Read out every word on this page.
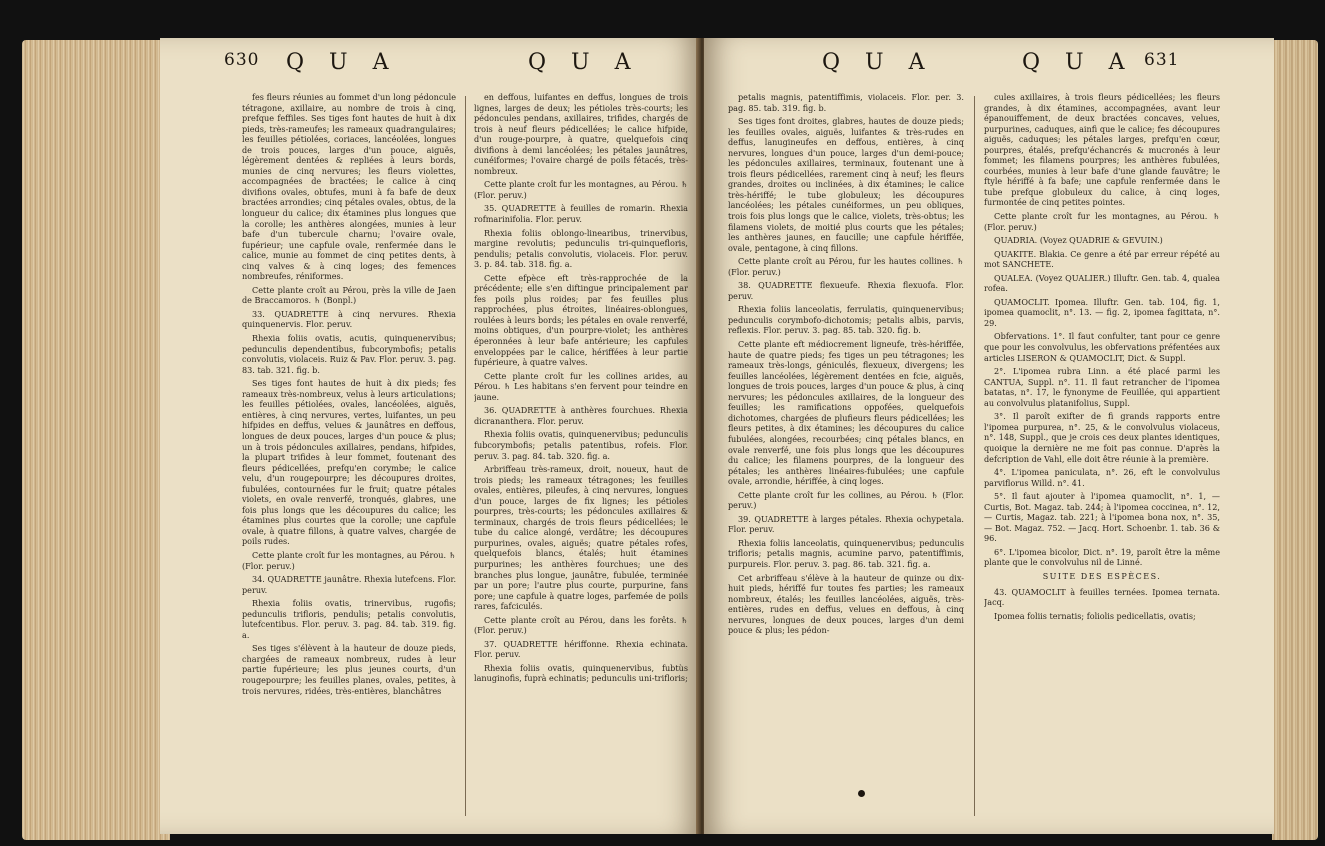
630 Q U A	Q U A

fes fleurs réunies au fommet d'un long pédoncule tétragone, axillaire, au nombre de trois à cinq, prefque feffiles. Ses tiges font hautes de huit à dix pieds, très-rameufes; les rameaux quadrangulaires; les feuilles pétiolées, coriaces, lancéolées, longues de trois pouces, larges d'un pouce, aiguës, légèrement dentées & repliées à leurs bords, munies de cinq nervures; les fleurs violettes, accompagnées de bractées; le calice à cinq divifions ovales, obtufes, muni à fa bafe de deux bractées arrondies; cinq pétales ovales, obtus, de la longueur du calice; dix étamines plus longues que la corolle; les anthères alongées, munies à leur bafe d'un tubercule charnu; l'ovaire ovale, fupérieur; une capfule ovale, renfermée dans le calice, munie au fommet de cinq petites dents, à cinq valves & à cinq loges; des femences nombreufes, réniformes.

Cette plante croît au Pérou, près la ville de Jaen de Braccamoros. ♄ (Bonpl.)

33. QUADRETTE à cinq nervures. Rhexia quinquenervis. Flor. peruv.

Rhexia foliis ovatis, acutis, quinquenervibus; pedunculis dependentibus, fubcorymbofis; petalis convolutis, violaceis. Ruiz & Pav. Flor. peruv. 3. pag. 83. tab. 321. fig. b.

Ses tiges font hautes de huit à dix pieds; fes rameaux très-nombreux, velus à leurs articulations; les feuilles pétiolées, ovales, lancéolées, aiguës, entières, à cinq nervures, vertes, luifantes, un peu hifpides en deffus, velues & jaunâtres en deffous, longues de deux pouces, larges d'un pouce & plus; un à trois pédoncules axillaires, pendans, hifpides, la plupart trifides à leur fommet, foutenant des fleurs pédicellées, prefqu'en corymbe; le calice velu, d'un rougepourpre; les découpures droites, fubulées, contournées fur le fruit; quatre pétales violets, en ovale renverfé, tronqués, glabres, une fois plus longs que les découpures du calice; les étamines plus courtes que la corolle; une capfule ovale, à quatre fillons, à quatre valves, chargée de poils rudes.

Cette plante croît fur les montagnes, au Pérou. ♄ (Flor. peruv.)

34. QUADRETTE jaunâtre. Rhexia lutefcens. Flor. peruv.

Rhexia foliis ovatis, trinervibus, rugofis; pedunculis trifloris, pendulis; petalis convolutis, lutefcentibus. Flor. peruv. 3. pag. 84. tab. 319. fig. a.

Ses tiges s'élèvent à la hauteur de douze pieds, chargées de rameaux nombreux, rudes à leur partie fupérieure; les plus jeunes courts, d'un rougepourpre; les feuilles planes, ovales, petites, à trois nervures, ridées, très-entières, blanchâtres

en deffous, luifantes en deffus, longues de trois lignes, larges de deux; les pétioles très-courts; les pédoncules pendans, axillaires, trifides, chargés de trois à neuf fleurs pédicellées; le calice hifpide, d'un rouge-pourpre, à quatre, quelquefois cinq divifions à demi lancéolées; les pétales jaunâtres, cunéiformes; l'ovaire chargé de poils fétacés, très-nombreux.

Cette plante croît fur les montagnes, au Pérou. ♄ (Flor. peruv.)

35. QUADRETTE à feuilles de romarin. Rhexia rofmarinifolia. Flor. peruv.

Rhexia foliis oblongo-linearibus, trinervibus, margine revolutis; pedunculis tri-quinquefloris, pendulis; petalis convolutis, violaceis. Flor. peruv. 3. p. 84. tab. 318. fig. a.

Cette efpèce eft très-rapprochée de la précédente; elle s'en diftingue principalement par fes poils plus roides; par fes feuilles plus rapprochées, plus étroites, linéaires-oblongues, roulées à leurs bords; les pétales en ovale renverfé, moins obtiques, d'un pourpre-violet; les anthères éperonnées à leur bafe antérieure; les capfules enveloppées par le calice, hériffées à leur partie fupérieure, à quatre valves.

Cette plante croît fur les collines arides, au Pérou. ♄ Les habitans s'en fervent pour teindre en jaune.

36. QUADRETTE à anthères fourchues. Rhexia dicrananthera. Flor. peruv.

Rhexia foliis ovatis, quinquenervibus; pedunculis fubcorymbofis; petalis patentibus, rofeis. Flor. peruv. 3. pag. 84. tab. 320. fig. a.

Arbriffeau très-rameux, droit, noueux, haut de trois pieds; les rameaux tétragones; les feuilles ovales, entières, pileufes, à cinq nervures, longues d'un pouce, larges de fix lignes; les pétioles pourpres, très-courts; les pédoncules axillaires & terminaux, chargés de trois fleurs pédicellées; le tube du calice alongé, verdâtre; les découpures purpurines, ovales, aiguës; quatre pétales rofes, quelquefois blancs, étalés; huit étamines purpurines; les anthères fourchues; une des branches plus longue, jaunâtre, fubulée, terminée par un pore; l'autre plus courte, purpurine, fans pore; une capfule à quatre loges, parfemée de poils rares, fafciculés.

Cette plante croît au Pérou, dans les forêts. ♄ (Flor. peruv.)

37. QUADRETTE hériffonne. Rhexia echinata. Flor. peruv.

Rhexia foliis ovatis, quinquenervibus, fubtùs lanuginofis, fuprà echinatis; pedunculis uni-trifloris;

Q U A	Q U A 631

petalis magnis, patentiffimis, violaceis. Flor. per. 3. pag. 85. tab. 319. fig. b.

Ses tiges font droites, glabres, hautes de douze pieds; les feuilles ovales, aiguës, luifantes & très-rudes en deffus, lanugineufes en deffous, entières, à cinq nervures, longues d'un pouce, larges d'un demi-pouce; les pédoncules axillaires, terminaux, foutenant une à trois fleurs pédicellées, rarement cinq à neuf; les fleurs grandes, droites ou inclinées, à dix étamines; le calice très-hériffé; le tube globuleux; les découpures lancéolées; les pétales cunéiformes, un peu obliques, trois fois plus longs que le calice, violets, très-obtus; les filamens violets, de moitié plus courts que les pétales; les anthères jaunes, en faucille; une capfule hériffée, ovale, pentagone, à cinq fillons.

Cette plante croît au Pérou, fur les hautes collines. ♄ (Flor. peruv.)

38. QUADRETTE flexueufe. Rhexia flexuofa. Flor. peruv.

Rhexia foliis lanceolatis, ferrulatis, quinquenervibus; pedunculis corymbofo-dichotomis; petalis albis, parvis, reflexis. Flor. peruv. 3. pag. 85. tab. 320. fig. b.

Cette plante eft médiocrement ligneufe, très-hériffée, haute de quatre pieds; fes tiges un peu tétragones; les rameaux très-longs, géniculés, flexueux, divergens; les feuilles lancéolées, légèrement dentées en fcie, aiguës, longues de trois pouces, larges d'un pouce & plus, à cinq nervures; les pédoncules axillaires, de la longueur des feuilles; les ramifications oppofées, quelquefois dichotomes, chargées de plufieurs fleurs pédicellées; les fleurs petites, à dix étamines; les découpures du calice fubulées, alongées, recourbées; cinq pétales blancs, en ovale renverfé, une fois plus longs que les découpures du calice; les filamens pourpres, de la longueur des pétales; les anthères linéaires-fubulées; une capfule ovale, arrondie, hériffée, à cinq loges.

Cette plante croît fur les collines, au Pérou. ♄ (Flor. peruv.)

39. QUADRETTE à larges pétales. Rhexia ochypetala. Flor. peruv.

Rhexia foliis lanceolatis, quinquenervibus; pedunculis trifloris; petalis magnis, acumine parvo, patentiffimis, purpureis. Flor. peruv. 3. pag. 86. tab. 321. fig. a.

Cet arbriffeau s'élève à la hauteur de quinze ou dix-huit pieds, hériffé fur toutes fes parties; les rameaux nombreux, étalés; les feuilles lancéolées, aiguës, très-entières, rudes en deffus, velues en deffous, à cinq nervures, longues de deux pouces, larges d'un demi pouce & plus; les pédon-

cules axillaires, à trois fleurs pédicellées; les fleurs grandes, à dix étamines, accompagnées, avant leur épanouiffement, de deux bractées concaves, velues, purpurines, caduques, ainfi que le calice; fes découpures aiguës, caduques; les pétales larges, prefqu'en cœur, pourpres, étalés, prefqu'échancrés & mucronés à leur fommet; les filamens pourpres; les anthères fubulées, courbées, munies à leur bafe d'une glande fauvâtre; le ftyle hériffé à fa bafe; une capfule renfermée dans le tube prefque globuleux du calice, à cinq loges, furmontée de cinq petites pointes.

Cette plante croît fur les montagnes, au Pérou. ♄ (Flor. peruv.)

QUADRIA. (Voyez QUADRIE & GEVUIN.)

QUAKITE. Blakia. Ce genre a été par erreur répété au mot SANCHETE.

QUALEA. (Voyez QUALIER.) Illuftr. Gen. tab. 4, qualea rofea.

QUAMOCLIT. Ipomea. Illuftr. Gen. tab. 104, fig. 1, ipomea quamoclit, n°. 13. — fig. 2, ipomea fagittata, n°. 29.

Obfervations. 1°. Il faut confulter, tant pour ce genre que pour les convolvulus, les obfervations préfentées aux articles LISERON & QUAMOCLIT, Dict. & Suppl.

2°. L'ipomea rubra Linn. a été placé parmi les CANTUA, Suppl. n°. 11. Il faut retrancher de l'ipomea batatas, n°. 17, le fynonyme de Feuillée, qui appartient au convolvulus platanifolius, Suppl.

3°. Il paroît exifter de fi grands rapports entre l'ipomea purpurea, n°. 25, & le convolvulus violaceus, n°. 148, Suppl., que je crois ces deux plantes identiques, quoique la dernière ne me foit pas connue. D'après la defcription de Vahl, elle doit être réunie à la première.

4°. L'ipomea paniculata, n°. 26, eft le convolvulus parviflorus Willd. n°. 41.

5°. Il faut ajouter à l'ipomea quamoclit, n°. 1, — Curtis, Bot. Magaz. tab. 244; à l'ipomea coccinea, n°. 12, — Curtis, Magaz. tab. 221; à l'ipomea bona nox, n°. 35, — Bot. Magaz. 752. — Jacq. Hort. Schoenbr. 1. tab. 36 & 96.

6°. L'ipomea bicolor, Dict. n°. 19, paroît être la même plante que le convolvulus nil de Linné.

SUITE DES ESPÈCES.

43. QUAMOCLIT à feuilles ternées. Ipomea ternata. Jacq.

Ipomea foliis ternatis; foliolis pedicellatis, ovatis;
